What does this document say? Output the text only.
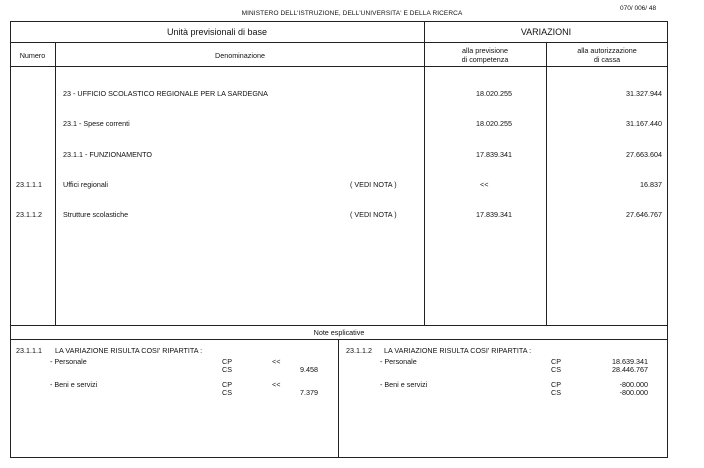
MINISTERO DELL'ISTRUZIONE, DELL'UNIVERSITA' E DELLA RICERCA
070/ 006/ 48
Unità previsionali di base	VARIAZIONI
Numero	Denominazione
alla previsione
di competenza
alla autorizzazione
di cassa
23 - UFFICIO SCOLASTICO REGIONALE PER LA SARDEGNA	18.020.255	31.327.944
23.1 - Spese correnti	18.020.255	31.167.440
23.1.1 - FUNZIONAMENTO	17.839.341	27.663.604
23.1.1.1	Uffici regionali	( VEDI NOTA )	<<	16.837
23.1.1.2	Strutture scolastiche	( VEDI NOTA )	17.839.341	27.646.767
Note esplicative
23.1.1.1 LA VARIAZIONE RISULTA COSI' RIPARTITA :
- Personale	CP	<<
CS	9.458
- Beni e servizi	CP	<<
CS	7.379
23.1.1.2 LA VARIAZIONE RISULTA COSI' RIPARTITA :
- Personale	CP	18.639.341
CS	28.446.767
- Beni e servizi	CP	-800.000
CS	-800.000
